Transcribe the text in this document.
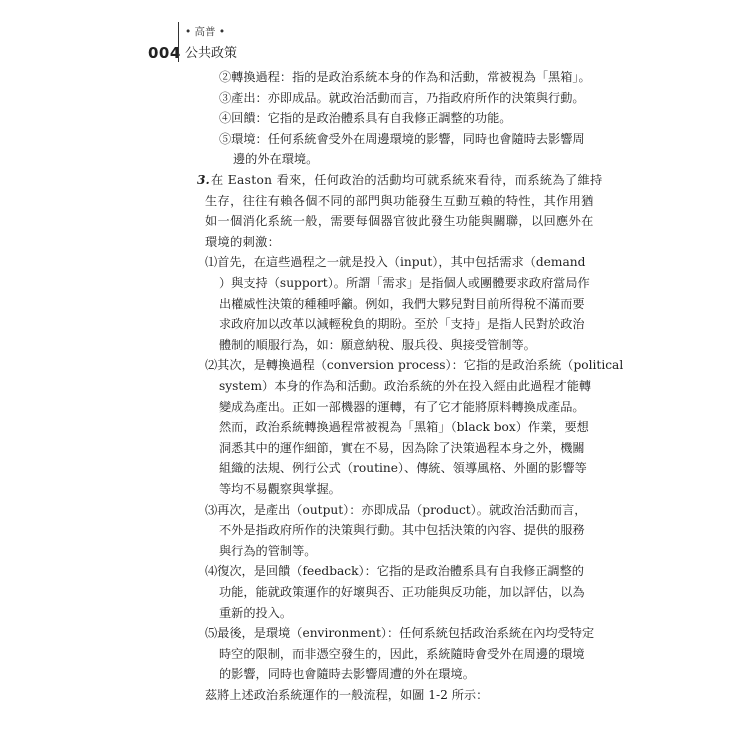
004
• 高普 •
公共政策
②轉換過程：指的是政治系統本身的作為和活動，常被視為「黑箱」。
③產出：亦即成品。就政治活動而言，乃指政府所作的決策與行動。
④回饋：它指的是政治體系具有自我修正調整的功能。
⑤環境：任何系統會受外在周邊環境的影響，同時也會隨時去影響周
邊的外在環境。
3. 在 Easton 看來，任何政治的活動均可就系統來看待，而系統為了維持
生存，往往有賴各個不同的部門與功能發生互動互賴的特性，其作用猶
如一個消化系統一般，需要每個器官彼此發生功能與關聯，以回應外在
環境的刺激：
⑴首先，在這些過程之一就是投入（input），其中包括需求（demand
）與支持（support）。所謂「需求」是指個人或團體要求政府當局作
出權威性決策的種種呼籲。例如，我們大夥兒對目前所得稅不滿而要
求政府加以改革以減輕稅負的期盼。至於「支持」是指人民對於政治
體制的順服行為，如：願意納稅、服兵役、與接受管制等。
⑵其次，是轉換過程（conversion process）：它指的是政治系統（political
system）本身的作為和活動。政治系統的外在投入經由此過程才能轉
變成為產出。正如一部機器的運轉，有了它才能將原料轉換成產品。
然而，政治系統轉換過程常被視為「黑箱」（black box）作業，要想
洞悉其中的運作細節，實在不易，因為除了決策過程本身之外，機關
組織的法規、例行公式（routine）、傳統、領導風格、外圍的影響等
等均不易觀察與掌握。
⑶再次，是產出（output）：亦即成品（product）。就政治活動而言，
不外是指政府所作的決策與行動。其中包括決策的內容、提供的服務
與行為的管制等。
⑷復次，是回饋（feedback）：它指的是政治體系具有自我修正調整的
功能，能就政策運作的好壞與否、正功能與反功能，加以評估，以為
重新的投入。
⑸最後，是環境（environment）：任何系統包括政治系統在內均受特定
時空的限制，而非憑空發生的，因此，系統隨時會受外在周邊的環境
的影響，同時也會隨時去影響周遭的外在環境。
茲將上述政治系統運作的一般流程，如圖 1-2 所示：
